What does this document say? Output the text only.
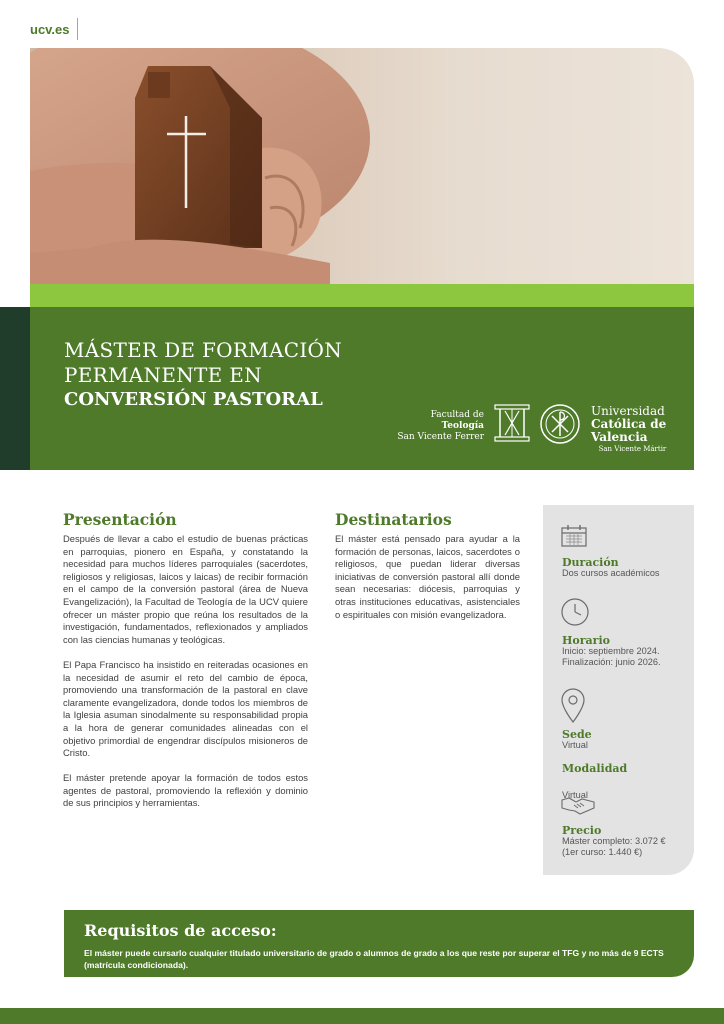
ucv.es
MÁSTER DE FORMACIÓN
PERMANENTE EN
CONVERSIÓN PASTORAL
Facultad de
Teología
San Vicente Ferrer
Universidad
Católica de
Valencia
San Vicente Mártir
Presentación

Después de llevar a cabo el estudio de buenas prácticas en parroquias, pionero en España, y constatando la necesidad para muchos líderes parroquiales (sacerdotes, religiosos y religiosas, laicos y laicas) de recibir formación en el campo de la conversión pastoral (área de Nueva Evangelización), la Facultad de Teología de la UCV quiere ofrecer un máster propio que reúna los resultados de la investigación, fundamentados, reflexionados y ampliados con las ciencias humanas y teológicas.

El Papa Francisco ha insistido en reiteradas ocasiones en la necesidad de asumir el reto del cambio de época, promoviendo una transformación de la pastoral en clave claramente evangelizadora, donde todos los miembros de la Iglesia asuman sinodalmente su responsabilidad propia a la hora de generar comunidades alineadas con el objetivo primordial de engendrar discípulos misioneros de Cristo.

El máster pretende apoyar la formación de todos estos agentes de pastoral, promoviendo la reflexión y dominio de sus principios y herramientas.

Destinatarios

El máster está pensado para ayudar a la formación de personas, laicos, sacerdotes o religiosos, que puedan liderar diversas iniciativas de conversión pastoral allí donde sean necesarias: diócesis, parroquias y otras instituciones educativas, asistenciales o espirituales con misión evangelizadora.

Duración
Dos cursos académicos
Horario
Inicio: septiembre 2024.
Finalización: junio 2026.
Sede
Virtual
Modalidad
Virtual
Precio
Máster completo: 3.072 €
(1er curso: 1.440 €)
Requisitos de acceso:
El máster puede cursarlo cualquier titulado universitario de grado o alumnos de grado a los que reste por superar el TFG y no más de 9 ECTS (matrícula condicionada).
